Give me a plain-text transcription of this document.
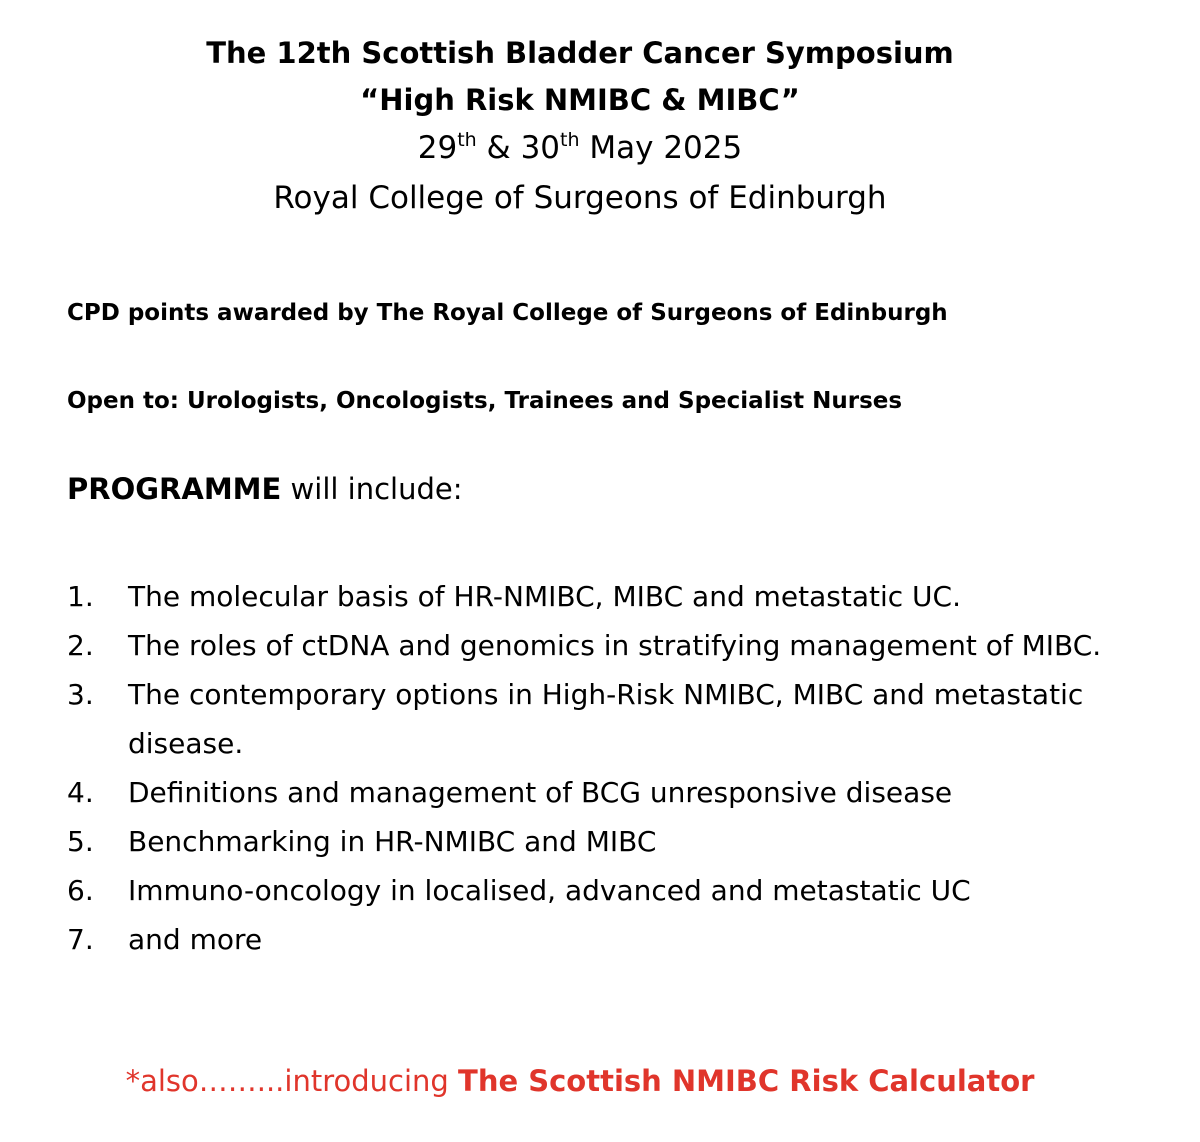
The 12th Scottish Bladder Cancer Symposium
“High Risk NMIBC & MIBC”
29th & 30th May 2025
Royal College of Surgeons of Edinburgh
CPD points awarded by The Royal College of Surgeons of Edinburgh
Open to: Urologists, Oncologists, Trainees and Specialist Nurses
PROGRAMME will include:
1.	The molecular basis of HR-NMIBC, MIBC and metastatic UC.
2.	The roles of ctDNA and genomics in stratifying management of MIBC.
3.	The contemporary options in High-Risk NMIBC, MIBC and metastatic disease.
4.	Definitions and management of BCG unresponsive disease
5.	Benchmarking in HR-NMIBC and MIBC
6.	Immuno-oncology in localised, advanced and metastatic UC
7.	and more
*also……...introducing The Scottish NMIBC Risk Calculator
